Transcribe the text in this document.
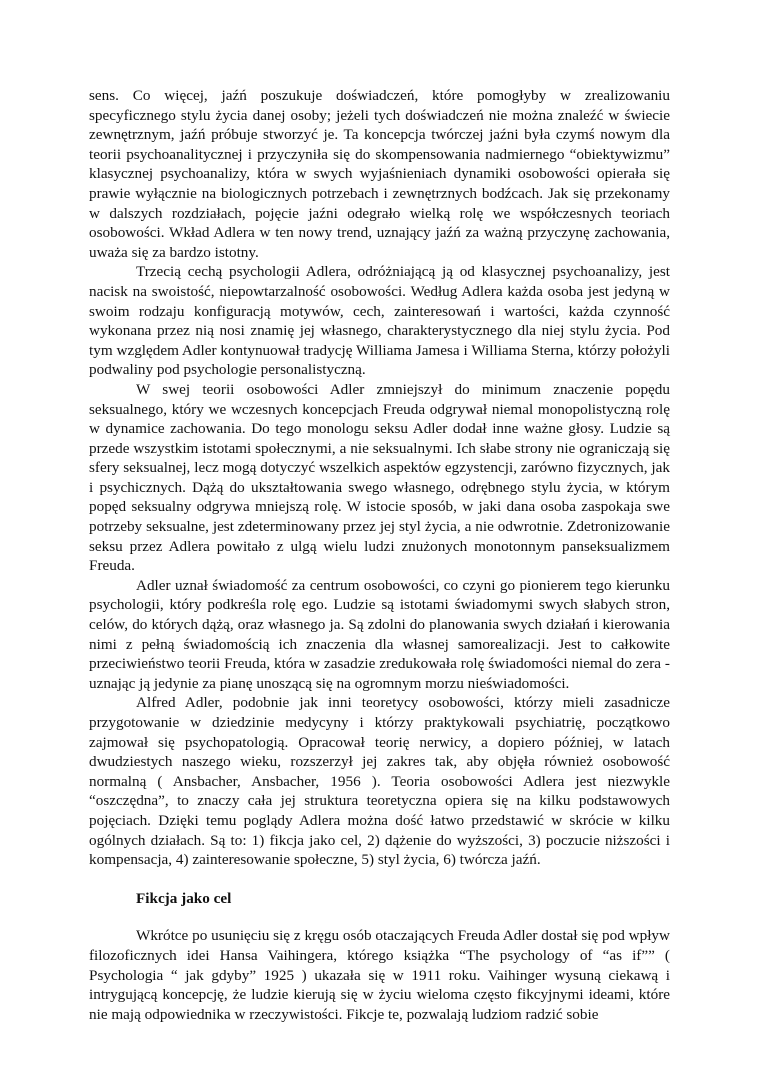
sens. Co więcej, jaźń poszukuje doświadczeń, które pomogłyby w zrealizowaniu specyficznego stylu życia danej osoby; jeżeli tych doświadczeń nie można znaleźć w świecie zewnętrznym, jaźń próbuje stworzyć je. Ta koncepcja twórczej jaźni była czymś nowym dla teorii psychoanalitycznej i przyczyniła się do skompensowania nadmiernego “obiektywizmu” klasycznej psychoanalizy, która w swych wyjaśnieniach dynamiki osobowości opierała się prawie wyłącznie na biologicznych potrzebach i zewnętrznych bodźcach. Jak się przekonamy w dalszych rozdziałach, pojęcie jaźni odegrało wielką rolę we współczesnych teoriach osobowości. Wkład Adlera w ten nowy trend, uznający jaźń za ważną przyczynę zachowania, uważa się za bardzo istotny.

Trzecią cechą psychologii Adlera, odróżniającą ją od klasycznej psychoanalizy, jest nacisk na swoistość, niepowtarzalność osobowości. Według Adlera każda osoba jest jedyną w swoim rodzaju konfiguracją motywów, cech, zainteresowań i wartości, każda czynność wykonana przez nią nosi znamię jej własnego, charakterystycznego dla niej stylu życia. Pod tym względem Adler kontynuował tradycję Williama Jamesa i Williama Sterna, którzy położyli podwaliny pod psychologie personalistyczną.

W swej teorii osobowości Adler zmniejszył do minimum znaczenie popędu seksualnego, który we wczesnych koncepcjach Freuda odgrywał niemal monopolistyczną rolę w dynamice zachowania. Do tego monologu seksu Adler dodał inne ważne głosy. Ludzie są przede wszystkim istotami społecznymi, a nie seksualnymi. Ich słabe strony nie ograniczają się sfery seksualnej, lecz mogą dotyczyć wszelkich aspektów egzystencji, zarówno fizycznych, jak i psychicznych. Dążą do ukształtowania swego własnego, odrębnego stylu życia, w którym popęd seksualny odgrywa mniejszą rolę. W istocie sposób, w jaki dana osoba zaspokaja swe potrzeby seksualne, jest zdeterminowany przez jej styl życia, a nie odwrotnie. Zdetronizowanie seksu przez Adlera powitało z ulgą wielu ludzi znużonych monotonnym panseksualizmem Freuda.

Adler uznał świadomość za centrum osobowości, co czyni go pionierem tego kierunku psychologii, który podkreśla rolę ego. Ludzie są istotami świadomymi swych słabych stron, celów, do których dążą, oraz własnego ja. Są zdolni do planowania swych działań i kierowania nimi z pełną świadomością ich znaczenia dla własnej samorealizacji. Jest to całkowite przeciwieństwo teorii Freuda, która w zasadzie zredukowała rolę świadomości niemal do zera - uznając ją jedynie za pianę unoszącą się na ogromnym morzu nieświadomości.

Alfred Adler, podobnie jak inni teoretycy osobowości, którzy mieli zasadnicze przygotowanie w dziedzinie medycyny i którzy praktykowali psychiatrię, początkowo zajmował się psychopatologią. Opracował teorię nerwicy, a dopiero później, w latach dwudziestych naszego wieku, rozszerzył jej zakres tak, aby objęła również osobowość normalną ( Ansbacher, Ansbacher, 1956 ). Teoria osobowości Adlera jest niezwykle “oszczędna”, to znaczy cała jej struktura teoretyczna opiera się na kilku podstawowych pojęciach. Dzięki temu poglądy Adlera można dość łatwo przedstawić w skrócie w kilku ogólnych działach. Są to: 1) fikcja jako cel, 2) dążenie do wyższości, 3) poczucie niższości i kompensacja, 4) zainteresowanie społeczne, 5) styl życia, 6) twórcza jaźń.

Fikcja jako cel

Wkrótce po usunięciu się z kręgu osób otaczających Freuda Adler dostał się pod wpływ filozoficznych idei Hansa Vaihingera, którego książka “The psychology of “as if”” ( Psychologia “ jak gdyby” 1925 ) ukazała się w 1911 roku. Vaihinger wysuną ciekawą i intrygującą koncepcję, że ludzie kierują się w życiu wieloma często fikcyjnymi ideami, które nie mają odpowiednika w rzeczywistości. Fikcje te, pozwalają ludziom radzić sobie
